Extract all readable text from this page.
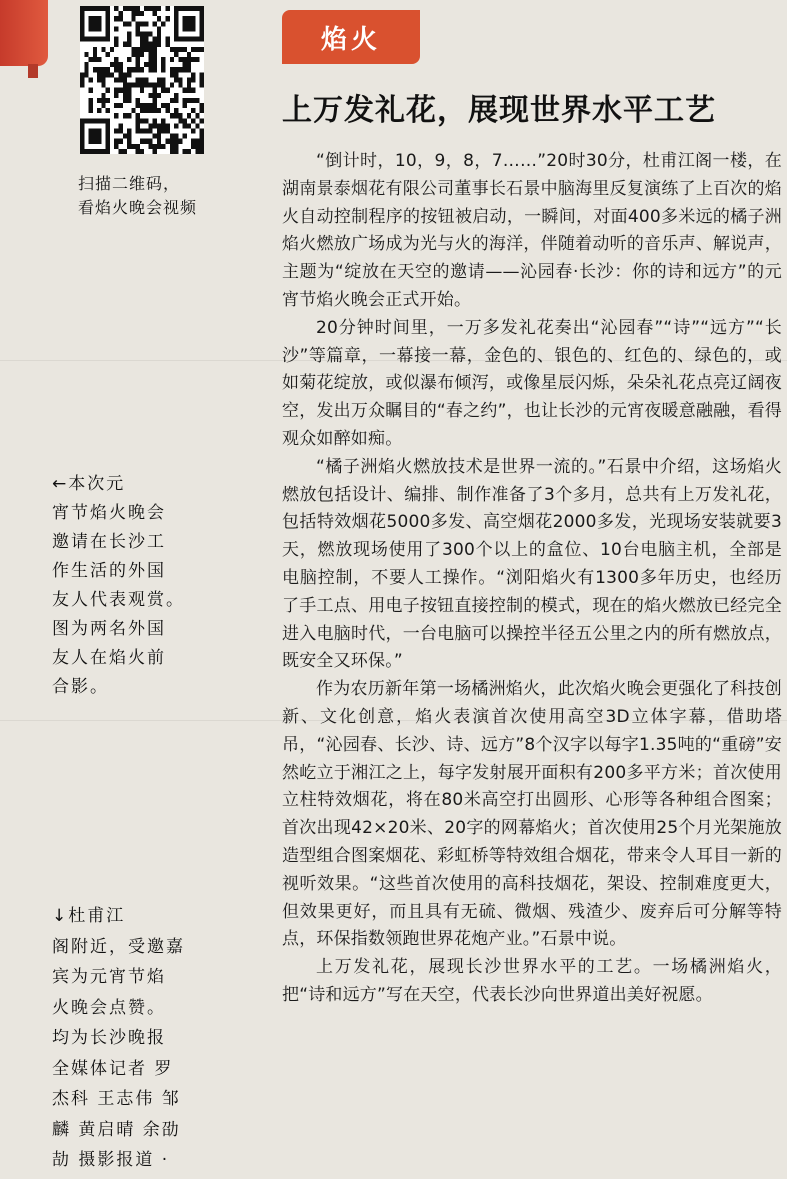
扫描二维码，
看焰火晚会视频
焰火
上万发礼花，展现世界水平工艺

“倒计时，10，9，8，7……”20时30分，杜甫江阁一楼，在湖南景泰烟花有限公司董事长石景中脑海里反复演练了上百次的焰火自动控制程序的按钮被启动，一瞬间，对面400多米远的橘子洲焰火燃放广场成为光与火的海洋，伴随着动听的音乐声、解说声，主题为“绽放在天空的邀请——沁园春·长沙：你的诗和远方”的元宵节焰火晚会正式开始。

20分钟时间里，一万多发礼花奏出“沁园春”“诗”“远方”“长沙”等篇章，一幕接一幕，金色的、银色的、红色的、绿色的，或如菊花绽放，或似瀑布倾泻，或像星辰闪烁，朵朵礼花点亮辽阔夜空，发出万众瞩目的“春之约”，也让长沙的元宵夜暖意融融，看得观众如醉如痴。

“橘子洲焰火燃放技术是世界一流的。”石景中介绍，这场焰火燃放包括设计、编排、制作准备了3个多月，总共有上万发礼花，包括特效烟花5000多发、高空烟花2000多发，光现场安装就要3天，燃放现场使用了300个以上的盒位、10台电脑主机，全部是电脑控制，不要人工操作。“浏阳焰火有1300多年历史，也经历了手工点、用电子按钮直接控制的模式，现在的焰火燃放已经完全进入电脑时代，一台电脑可以操控半径五公里之内的所有燃放点，既安全又环保。”

作为农历新年第一场橘洲焰火，此次焰火晚会更强化了科技创新、文化创意，焰火表演首次使用高空3D立体字幕，借助塔吊，“沁园春、长沙、诗、远方”8个汉字以每字1.35吨的“重磅”安然屹立于湘江之上，每字发射展开面积有200多平方米；首次使用立柱特效烟花，将在80米高空打出圆形、心形等各种组合图案；首次出现42×20米、20字的网幕焰火；首次使用25个月光架施放造型组合图案烟花、彩虹桥等特效组合烟花，带来令人耳目一新的视听效果。“这些首次使用的高科技烟花，架设、控制难度更大，但效果更好，而且具有无硫、微烟、残渣少、废弃后可分解等特点，环保指数领跑世界花炮产业。”石景中说。

上万发礼花，展现长沙世界水平的工艺。一场橘洲焰火，把“诗和远方”写在天空，代表长沙向世界道出美好祝愿。

←本次元
宵节焰火晚会
邀请在长沙工
作生活的外国
友人代表观赏。
图为两名外国
友人在焰火前
合影。
↓杜甫江
阁附近，受邀嘉
宾为元宵节焰
火晚会点赞。
均为长沙晚报
全媒体记者 罗
杰科 王志伟 邹
麟 黄启晴 余劭
劼 摄影报道 ·
